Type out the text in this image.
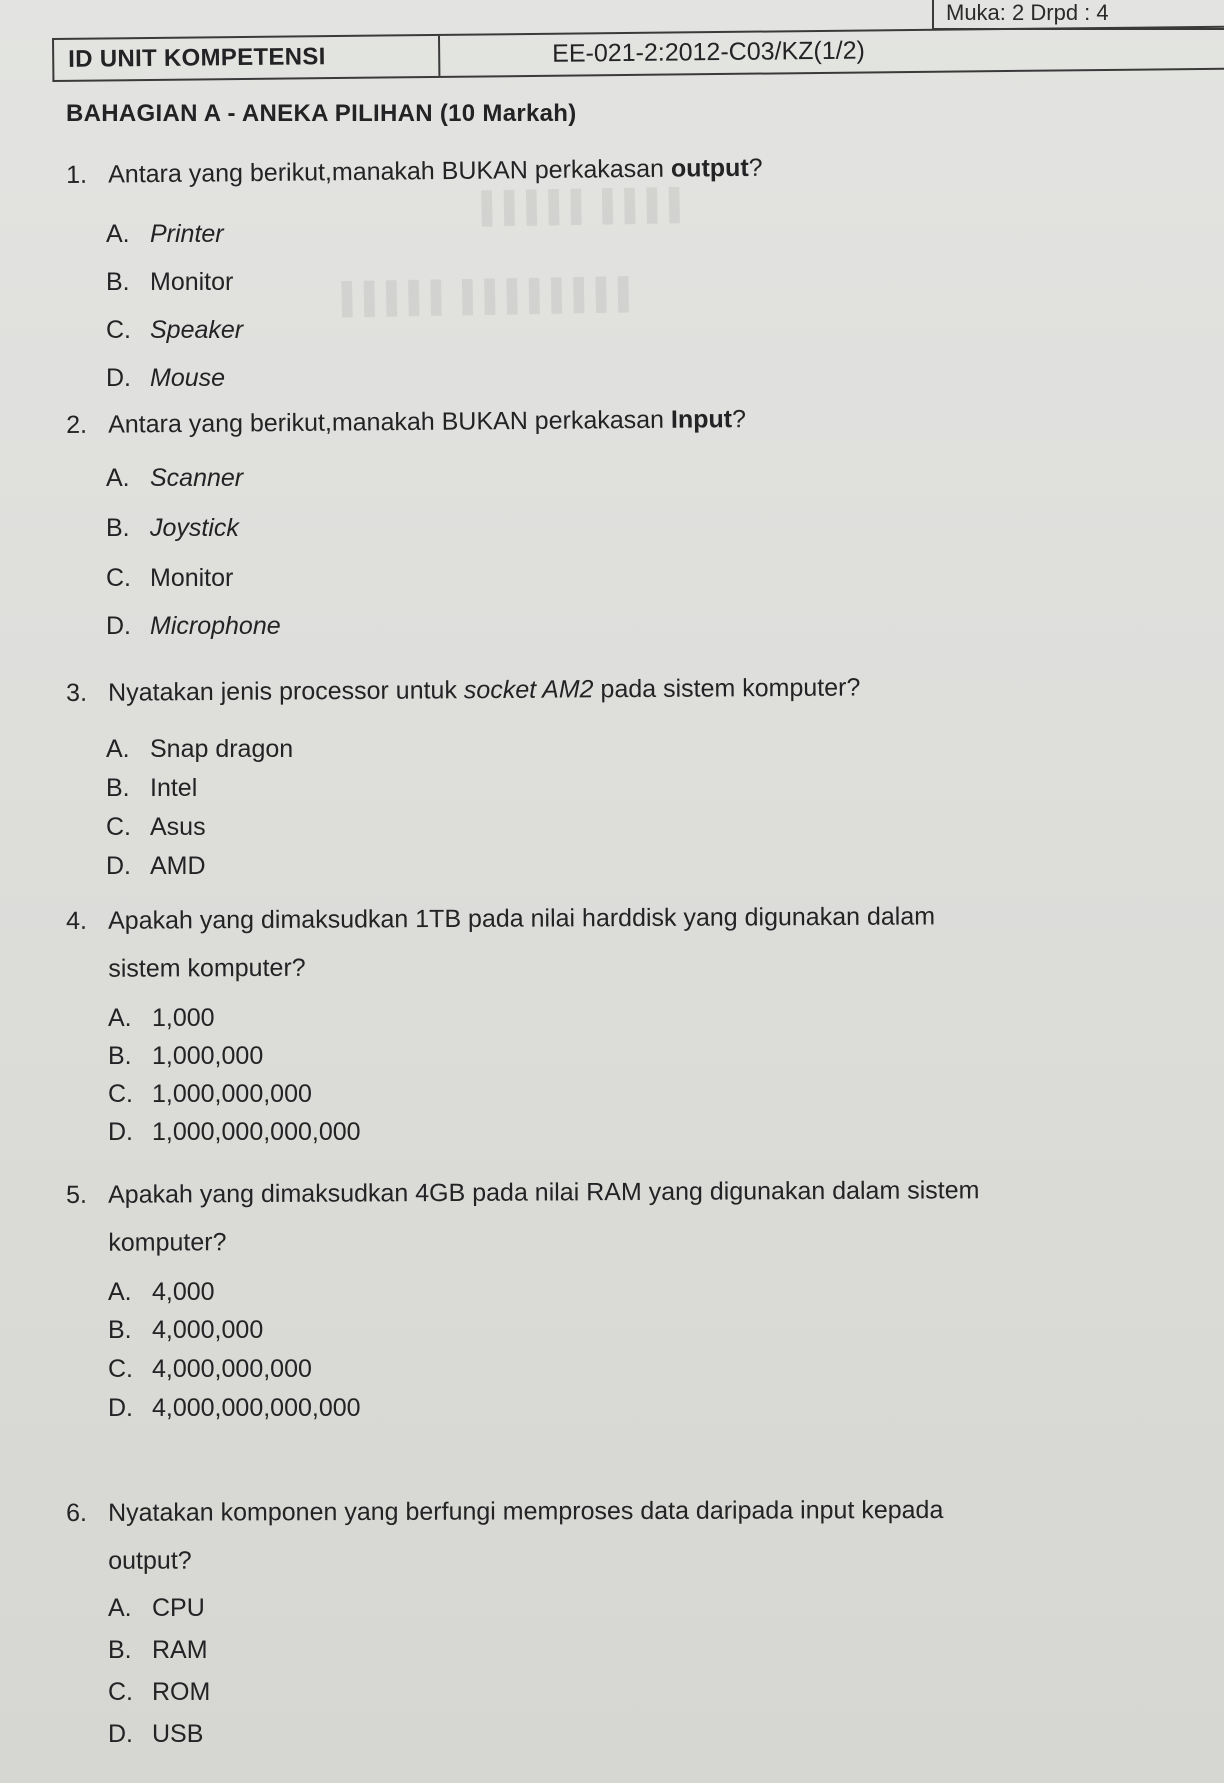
▌▌▌▌ ▌▌▌▌▌
▌▌▌▌▌▌▌▌ ▌▌▌▌▌
Muka: 2 Drpd : 4
ID UNIT KOMPETENSI	EE-021-2:2012-C03/KZ(1/2)
BAHAGIAN A - ANEKA PILIHAN (10 Markah)
1. Antara yang berikut,manakah BUKAN perkakasan output?
A. Printer
B. Monitor
C. Speaker
D. Mouse
2. Antara yang berikut,manakah BUKAN perkakasan Input?
A. Scanner
B. Joystick
C. Monitor
D. Microphone
3. Nyatakan jenis processor untuk socket AM2 pada sistem komputer?
A. Snap dragon
B. Intel
C. Asus
D. AMD
4. Apakah yang dimaksudkan 1TB pada nilai harddisk yang digunakan dalam
sistem komputer?
A. 1,000
B. 1,000,000
C. 1,000,000,000
D. 1,000,000,000,000
5. Apakah yang dimaksudkan 4GB pada nilai RAM yang digunakan dalam sistem
komputer?
A. 4,000
B. 4,000,000
C. 4,000,000,000
D. 4,000,000,000,000
6. Nyatakan komponen yang berfungi memproses data daripada input kepada
output?
A. CPU
B. RAM
C. ROM
D. USB
